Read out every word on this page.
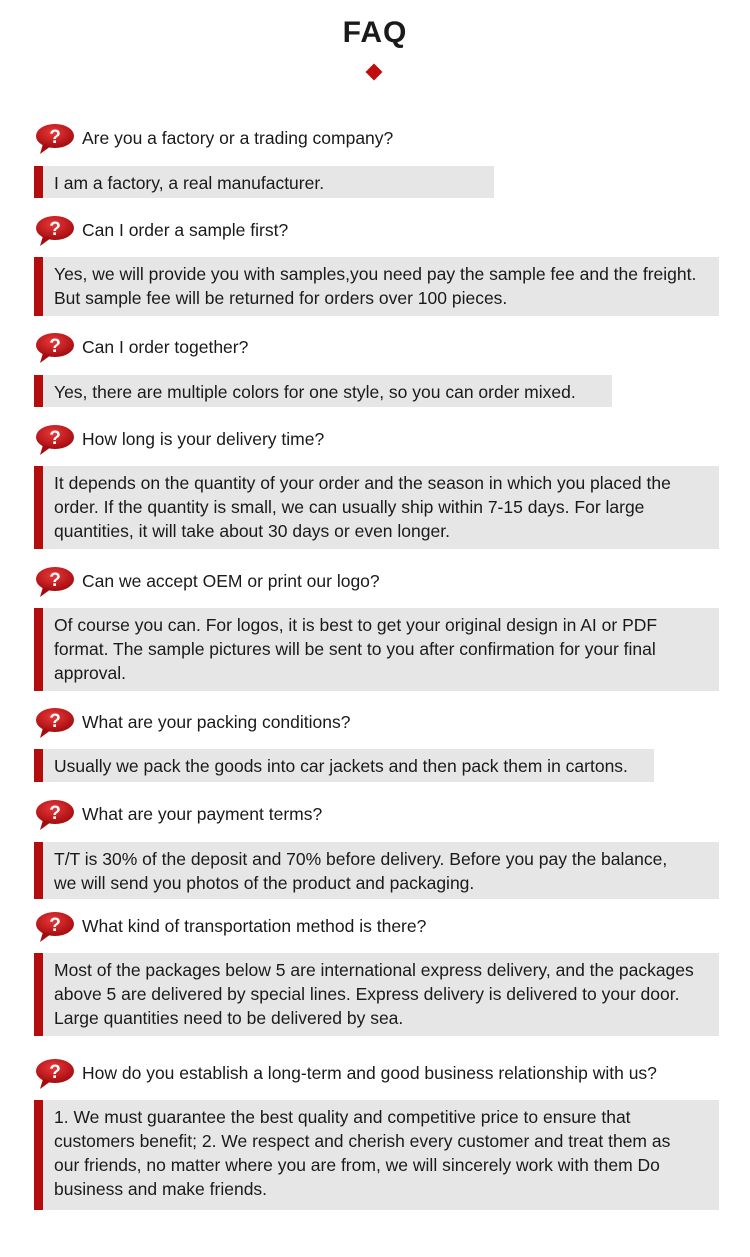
FAQ
? Are you a factory or a trading company?
I am a factory, a real manufacturer.
? Can I order a sample first?
Yes, we will provide you with samples,you need pay the sample fee and the freight.
But sample fee will be returned for orders over 100 pieces.
? Can I order together?
Yes, there are multiple colors for one style, so you can order mixed.
? How long is your delivery time?
It depends on the quantity of your order and the season in which you placed the
order. If the quantity is small, we can usually ship within 7-15 days. For large
quantities, it will take about 30 days or even longer.
? Can we accept OEM or print our logo?
Of course you can. For logos, it is best to get your original design in AI or PDF
format. The sample pictures will be sent to you after confirmation for your final
approval.
? What are your packing conditions?
Usually we pack the goods into car jackets and then pack them in cartons.
? What are your payment terms?
T/T is 30% of the deposit and 70% before delivery. Before you pay the balance,
we will send you photos of the product and packaging.
? What kind of transportation method is there?
Most of the packages below 5 are international express delivery, and the packages
above 5 are delivered by special lines. Express delivery is delivered to your door.
Large quantities need to be delivered by sea.
? How do you establish a long-term and good business relationship with us?
1. We must guarantee the best quality and competitive price to ensure that
customers benefit; 2. We respect and cherish every customer and treat them as
our friends, no matter where you are from, we will sincerely work with them Do
business and make friends.
